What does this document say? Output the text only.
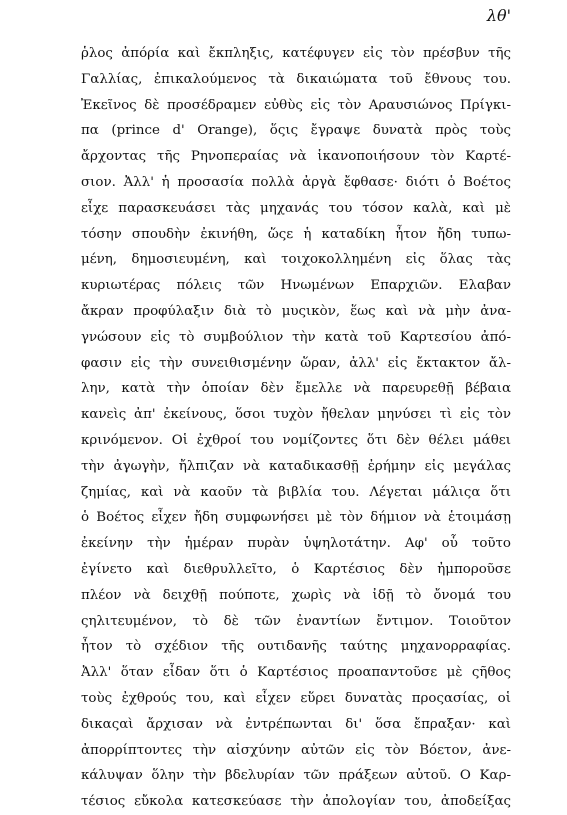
λθ'
ῥλος ἀπόρία καὶ ἔκπληξις, κατέφυγεν εἰς τὸν πρέσβυν τῆς
Γαλλίας, ἐπικαλούμενος τὰ δικαιώματα τοῦ ἔθνους του.
Ἐκεῖνος δὲ προσέδραμεν εὐθὺς εἰς τὸν Αραυσιώνος Πρίγκι-
πα (prince d' Orange), ὅςις ἔγραψε δυνατὰ πρὸς τοὺς
ἄρχοντας τῆς Ρηνοπεραίας νὰ ἱκανοποιήσουν τὸν Καρτέ-
σιον. Ἀλλ' ἡ προσασία πολλὰ ἀργὰ ἔφθασε· διότι ὁ Βοέτος
εἶχε παρασκευάσει τὰς μηχανάς του τόσον καλὰ, καὶ μὲ
τόσην σπουδὴν ἐκινήθη, ὥςε ἡ καταδίκη ἦτον ἤδη τυπω-
μένη, δημοσιευμένη, καὶ τοιχοκολλημένη εἰς ὅλας τὰς
κυριωτέρας πόλεις τῶν Ηνωμένων Επαρχιῶν. Ελαβαν
ἄκραν προφύλαξιν διὰ τὸ μυςικὸν, ἕως καὶ νὰ μὴν ἀνα-
γνώσουν εἰς τὸ συμβούλιον τὴν κατὰ τοῦ Καρτεσίου ἀπό-
φασιν εἰς τὴν συνειθισμένην ὥραν, ἀλλ' εἰς ἔκτακτον ἄλ-
λην, κατὰ τὴν ὁποίαν δὲν ἔμελλε νὰ παρευρεθῇ βέβαια
κανεὶς ἀπ' ἐκείνους, ὅσοι τυχὸν ἤθελαν μηνύσει τὶ εἰς τὸν
κρινόμενον. Οἱ ἐχθροί του νομίζοντες ὅτι δὲν θέλει μάθει
τὴν ἀγωγὴν, ἤλπιζαν νὰ καταδικασθῇ ἐρήμην εἰς μεγάλας
ζημίας, καὶ νὰ καοῦν τὰ βιβλία του. Λέγεται μάλιςα ὅτι
ὁ Βοέτος εἶχεν ἤδη συμφωνήσει μὲ τὸν δήμιον νὰ ἑτοιμάσῃ
ἐκείνην τὴν ἡμέραν πυρὰν ὑψηλοτάτην. Αφ' οὗ τοῦτο
ἐγίνετο καὶ διεθρυλλεῖτο, ὁ Καρτέσιος δὲν ἠμποροῦσε
πλέον νὰ δειχθῇ πούποτε, χωρὶς νὰ ἰδῇ τὸ ὄνομά του
ςηλιτευμένον, τὸ δὲ τῶν ἐναντίων ἔντιμον. Τοιοῦτον
ἦτον τὸ σχέδιον τῆς ουτιδανῆς ταύτης μηχανορραφίας.
Ἀλλ' ὅταν εἶδαν ὅτι ὁ Καρτέσιος προαπαντοῦσε μὲ ςῆθος
τοὺς ἐχθρούς του, καὶ εἶχεν εὕρει δυνατὰς προςασίας, οἱ
δικαςαὶ ἄρχισαν νὰ ἐντρέπωνται δι' ὅσα ἔπραξαν· καὶ
ἀπορρίπτοντες τὴν αἰσχύνην αὐτῶν εἰς τὸν Βόετον, ἀνε-
κάλυψαν ὅλην τὴν βδελυρίαν τῶν πράξεων αὐτοῦ. Ο Καρ-
τέσιος εὔκολα κατεσκεύασε τὴν ἀπολογίαν του, ἀποδείξας
